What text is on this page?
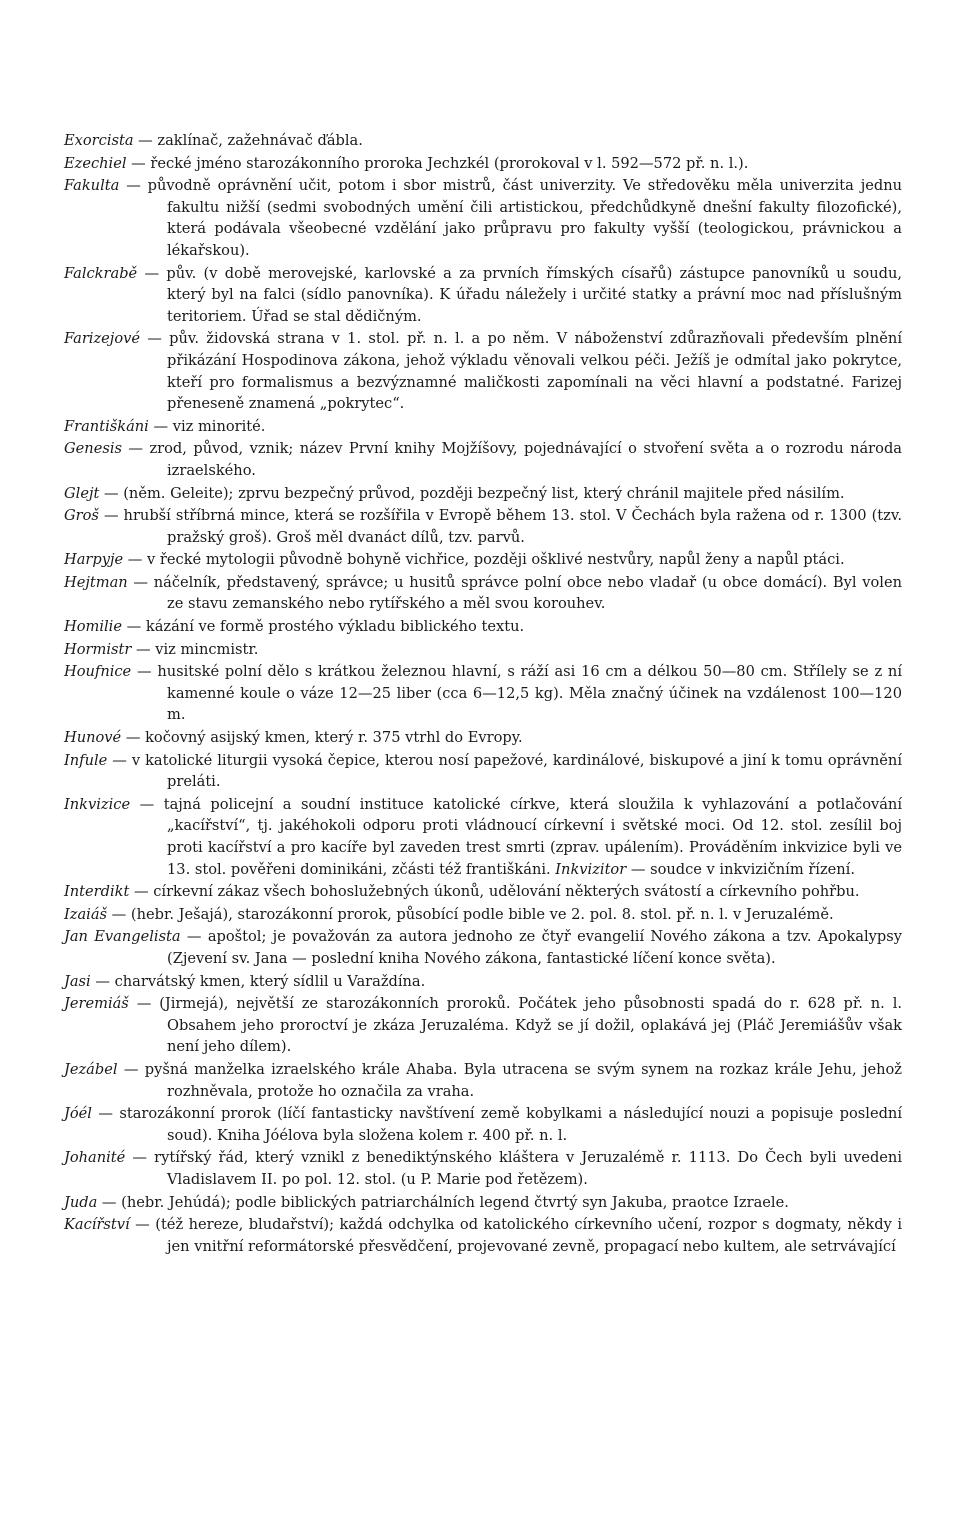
Exorcista — zaklínač, zažehnávač ďábla.

Ezechiel — řecké jméno starozákonního proroka Jechzkél (prorokoval v l. 592—572 př. n. l.).

Fakulta — původně oprávnění učit, potom i sbor mistrů, část univerzity. Ve středověku měla univerzita jednu fakultu nižší (sedmi svobodných umění čili artistickou, předchůdkyně dnešní fakulty filozofické), která podávala všeobecné vzdělání jako průpravu pro fakulty vyšší (teologickou, právnickou a lékařskou).

Falckrabě — pův. (v době merovejské, karlovské a za prvních římských císařů) zástupce panovníků u soudu, který byl na falci (sídlo panovníka). K úřadu náležely i určité statky a právní moc nad příslušným teritoriem. Úřad se stal dědičným.

Farizejové — pův. židovská strana v 1. stol. př. n. l. a po něm. V náboženství zdůrazňovali především plnění přikázání Hospodinova zákona, jehož výkladu věnovali velkou péči. Ježíš je odmítal jako pokrytce, kteří pro formalismus a bezvýznamné maličkosti zapomínali na věci hlavní a podstatné. Farizej přeneseně znamená „pokrytec“.

Františkáni — viz minorité.

Genesis — zrod, původ, vznik; název První knihy Mojžíšovy, pojednávající o stvoření světa a o rozrodu národa izraelského.

Glejt — (něm. Geleite); zprvu bezpečný průvod, později bezpečný list, který chránil majitele před násilím.

Groš — hrubší stříbrná mince, která se rozšířila v Evropě během 13. stol. V Čechách byla ražena od r. 1300 (tzv. pražský groš). Groš měl dvanáct dílů, tzv. parvů.

Harpyje — v řecké mytologii původně bohyně vichřice, později ošklivé nestvůry, napůl ženy a napůl ptáci.

Hejtman — náčelník, představený, správce; u husitů správce polní obce nebo vladař (u obce domácí). Byl volen ze stavu zemanského nebo rytířského a měl svou korouhev.

Homilie — kázání ve formě prostého výkladu biblického textu.

Hormistr — viz mincmistr.

Houfnice — husitské polní dělo s krátkou železnou hlavní, s ráží asi 16 cm a délkou 50—80 cm. Střílely se z ní kamenné koule o váze 12—25 liber (cca 6—12,5 kg). Měla značný účinek na vzdálenost 100—120 m.

Hunové — kočovný asijský kmen, který r. 375 vtrhl do Evropy.

Infule — v katolické liturgii vysoká čepice, kterou nosí papežové, kardinálové, biskupové a jiní k tomu oprávnění preláti.

Inkvizice — tajná policejní a soudní instituce katolické církve, která sloužila k vyhlazování a potlačování „kacířství“, tj. jakéhokoli odporu proti vládnoucí církevní i světské moci. Od 12. stol. zesílil boj proti kacířství a pro kacíře byl zaveden trest smrti (zprav. upálením). Prováděním inkvizice byli ve 13. stol. pověřeni dominikáni, zčásti též františkáni. Inkvizitor — soudce v inkvizičním řízení.

Interdikt — církevní zákaz všech bohoslužebných úkonů, udělování některých svátostí a církevního pohřbu.

Izaiáš — (hebr. Ješajá), starozákonní prorok, působící podle bible ve 2. pol. 8. stol. př. n. l. v Jeruzalémě.

Jan Evangelista — apoštol; je považován za autora jednoho ze čtyř evangelií Nového zákona a tzv. Apokalypsy (Zjevení sv. Jana — poslední kniha Nového zákona, fantastické líčení konce světa).

Jasi — charvátský kmen, který sídlil u Varaždína.

Jeremiáš — (Jirmejá), největší ze starozákonních proroků. Počátek jeho působnosti spadá do r. 628 př. n. l. Obsahem jeho proroctví je zkáza Jeruzaléma. Když se jí dožil, oplakává jej (Pláč Jeremiášův však není jeho dílem).

Jezábel — pyšná manželka izraelského krále Ahaba. Byla utracena se svým synem na rozkaz krále Jehu, jehož rozhněvala, protože ho označila za vraha.

Jóél — starozákonní prorok (líčí fantasticky navštívení země kobylkami a následující nouzi a popisuje poslední soud). Kniha Jóélova byla složena kolem r. 400 př. n. l.

Johanité — rytířský řád, který vznikl z benediktýnského kláštera v Jeruzalémě r. 1113. Do Čech byli uvedeni Vladislavem II. po pol. 12. stol. (u P. Marie pod řetězem).

Juda — (hebr. Jehúdá); podle biblických patriarchálních legend čtvrtý syn Jakuba, praotce Izraele.

Kacířství — (též hereze, bludařství); každá odchylka od katolického církevního učení, rozpor s dogmaty, někdy i jen vnitřní reformátorské přesvědčení, projevované zevně, propagací nebo kultem, ale setrvávající
